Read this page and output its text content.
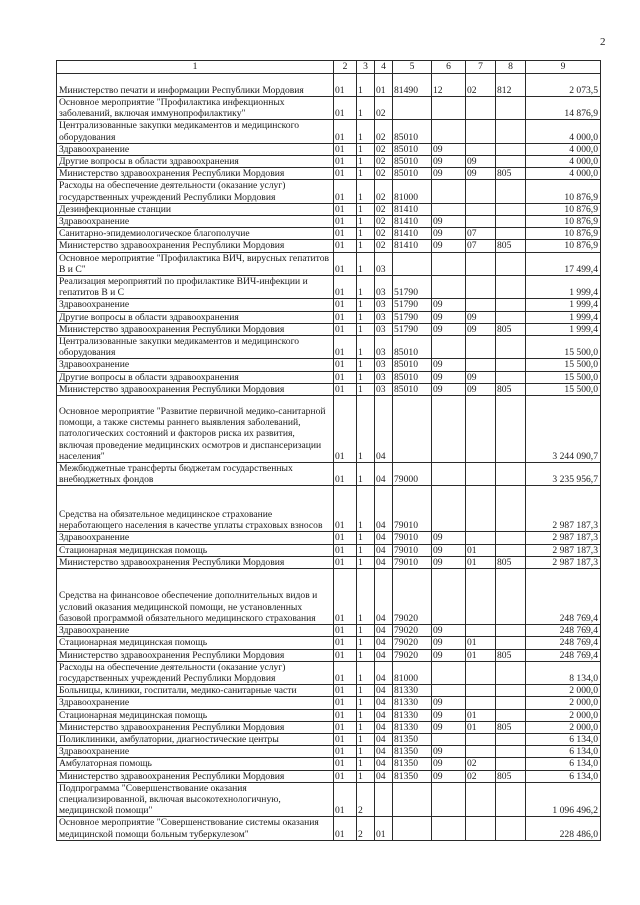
2
1	2	3	4	5	6	7	8	9
Министерство печати и информации Республики Мордовия	01	1	01	81490	12	02	812	2 073,5
Основное мероприятие "Профилактика инфекционных заболеваний, включая иммунопрофилактику"	01	1	02					14 876,9
Централизованные закупки медикаментов и медицинского оборудования	01	1	02	85010				4 000,0
Здравоохранение	01	1	02	85010	09			4 000,0
Другие вопросы в области здравоохранения	01	1	02	85010	09	09		4 000,0
Министерство здравоохранения Республики Мордовия	01	1	02	85010	09	09	805	4 000,0
Расходы на обеспечение деятельности (оказание услуг) государственных учреждений Республики Мордовия	01	1	02	81000				10 876,9
Дезинфекционные станции	01	1	02	81410				10 876,9
Здравоохранение	01	1	02	81410	09			10 876,9
Санитарно-эпидемиологическое благополучие	01	1	02	81410	09	07		10 876,9
Министерство здравоохранения Республики Мордовия	01	1	02	81410	09	07	805	10 876,9
Основное мероприятие "Профилактика ВИЧ, вирусных гепатитов В и С"	01	1	03					17 499,4
Реализация мероприятий по профилактике ВИЧ-инфекции и гепатитов В и С	01	1	03	51790				1 999,4
Здравоохранение	01	1	03	51790	09			1 999,4
Другие вопросы в области здравоохранения	01	1	03	51790	09	09		1 999,4
Министерство здравоохранения Республики Мордовия	01	1	03	51790	09	09	805	1 999,4
Централизованные закупки медикаментов и медицинского оборудования	01	1	03	85010				15 500,0
Здравоохранение	01	1	03	85010	09			15 500,0
Другие вопросы в области здравоохранения	01	1	03	85010	09	09		15 500,0
Министерство здравоохранения Республики Мордовия	01	1	03	85010	09	09	805	15 500,0
Основное мероприятие "Развитие первичной медико-санитарной помощи, а также системы раннего выявления заболеваний, патологических состояний и факторов риска их развития, включая проведение медицинских осмотров и диспансеризации населения"	01	1	04					3 244 090,7
Межбюджетные трансферты бюджетам государственных внебюджетных фондов	01	1	04	79000				3 235 956,7
Средства на обязательное медицинское страхование неработающего населения в качестве уплаты страховых взносов	01	1	04	79010				2 987 187,3
Здравоохранение	01	1	04	79010	09			2 987 187,3
Стационарная медицинская помощь	01	1	04	79010	09	01		2 987 187,3
Министерство здравоохранения Республики Мордовия	01	1	04	79010	09	01	805	2 987 187,3
Средства на финансовое обеспечение дополнительных видов и условий оказания медицинской помощи, не установленных базовой программой обязательного медицинского страхования	01	1	04	79020				248 769,4
Здравоохранение	01	1	04	79020	09			248 769,4
Стационарная медицинская помощь	01	1	04	79020	09	01		248 769,4
Министерство здравоохранения Республики Мордовия	01	1	04	79020	09	01	805	248 769,4
Расходы на обеспечение деятельности (оказание услуг) государственных учреждений Республики Мордовия	01	1	04	81000				8 134,0
Больницы, клиники, госпитали, медико-санитарные части	01	1	04	81330				2 000,0
Здравоохранение	01	1	04	81330	09			2 000,0
Стационарная медицинская помощь	01	1	04	81330	09	01		2 000,0
Министерство здравоохранения Республики Мордовия	01	1	04	81330	09	01	805	2 000,0
Поликлиники, амбулатории, диагностические центры	01	1	04	81350				6 134,0
Здравоохранение	01	1	04	81350	09			6 134,0
Амбулаторная помощь	01	1	04	81350	09	02		6 134,0
Министерство здравоохранения Республики Мордовия	01	1	04	81350	09	02	805	6 134,0
Подпрограмма "Совершенствование оказания специализированной, включая высокотехнологичную, медицинской помощи"	01	2						1 096 496,2
Основное мероприятие "Совершенствование системы оказания медицинской помощи больным туберкулезом"	01	2	01					228 486,0
